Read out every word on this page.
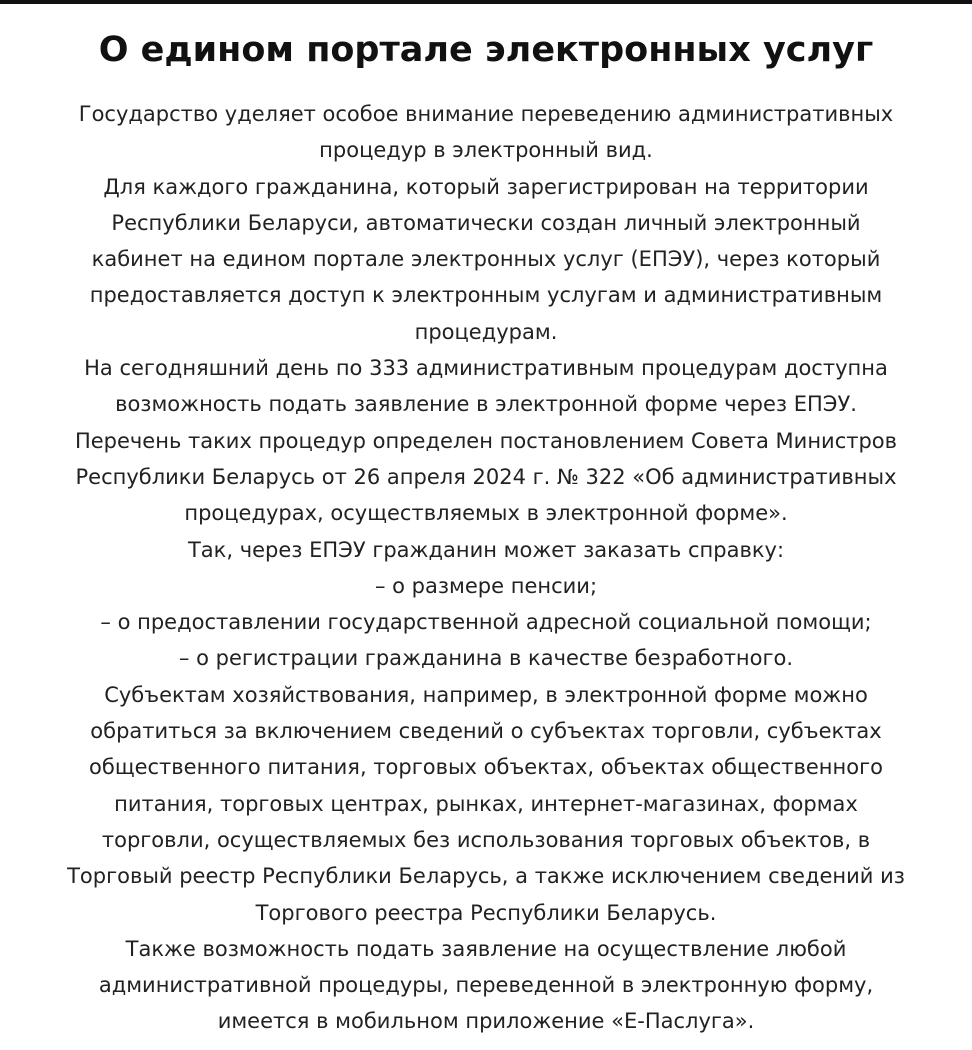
О едином портале электронных услуг
Государство уделяет особое внимание переведению административных
процедур в электронный вид.
Для каждого гражданина, который зарегистрирован на территории
Республики Беларуси, автоматически создан личный электронный
кабинет на едином портале электронных услуг (ЕПЭУ), через который
предоставляется доступ к электронным услугам и административным
процедурам.
На сегодняшний день по 333 административным процедурам доступна
возможность подать заявление в электронной форме через ЕПЭУ.
Перечень таких процедур определен постановлением Совета Министров
Республики Беларусь от 26 апреля 2024 г. № 322 «Об административных
процедурах, осуществляемых в электронной форме».
Так, через ЕПЭУ гражданин может заказать справку:
– о размере пенсии;
– о предоставлении государственной адресной социальной помощи;
– о регистрации гражданина в качестве безработного.
Субъектам хозяйствования, например, в электронной форме можно
обратиться за включением сведений о субъектах торговли, субъектах
общественного питания, торговых объектах, объектах общественного
питания, торговых центрах, рынках, интернет-магазинах, формах
торговли, осуществляемых без использования торговых объектов, в
Торговый реестр Республики Беларусь, а также исключением сведений из
Торгового реестра Республики Беларусь.
Также возможность подать заявление на осуществление любой
административной процедуры, переведенной в электронную форму,
имеется в мобильном приложение «Е-Паслуга».
